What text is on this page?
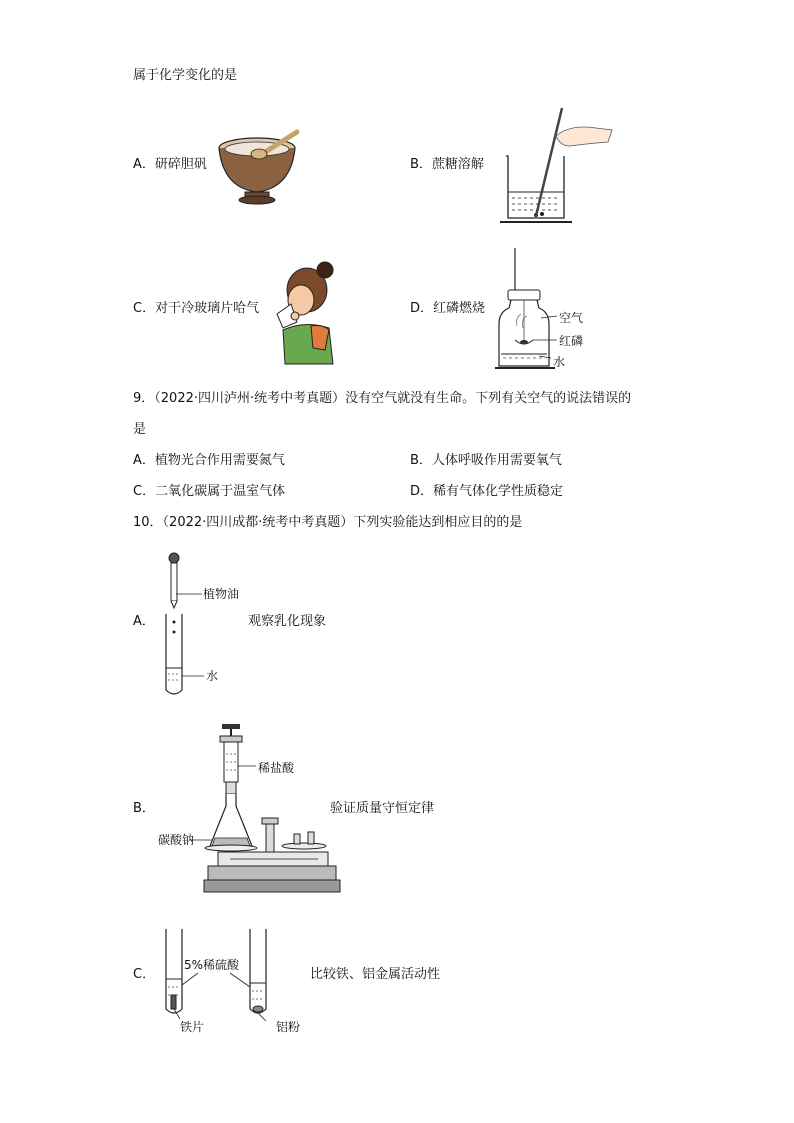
属于化学变化的是
A．研碎胆矾	B．蔗糖溶解
C．对干冷玻璃片哈气	D．红磷燃烧
空气
红磷
水
9．（2022·四川泸州·统考中考真题）没有空气就没有生命。下列有关空气的说法错误的
是
A．植物光合作用需要氮气	B．人体呼吸作用需要氧气
C．二氧化碳属于温室气体	D．稀有气体化学性质稳定
10．（2022·四川成都·统考中考真题）下列实验能达到相应目的的是
A．	观察乳化现象
植物油
水
B．	验证质量守恒定律
稀盐酸
碳酸钠
C．	比较铁、铝金属活动性
5%稀硫酸
铁片	铝粉
